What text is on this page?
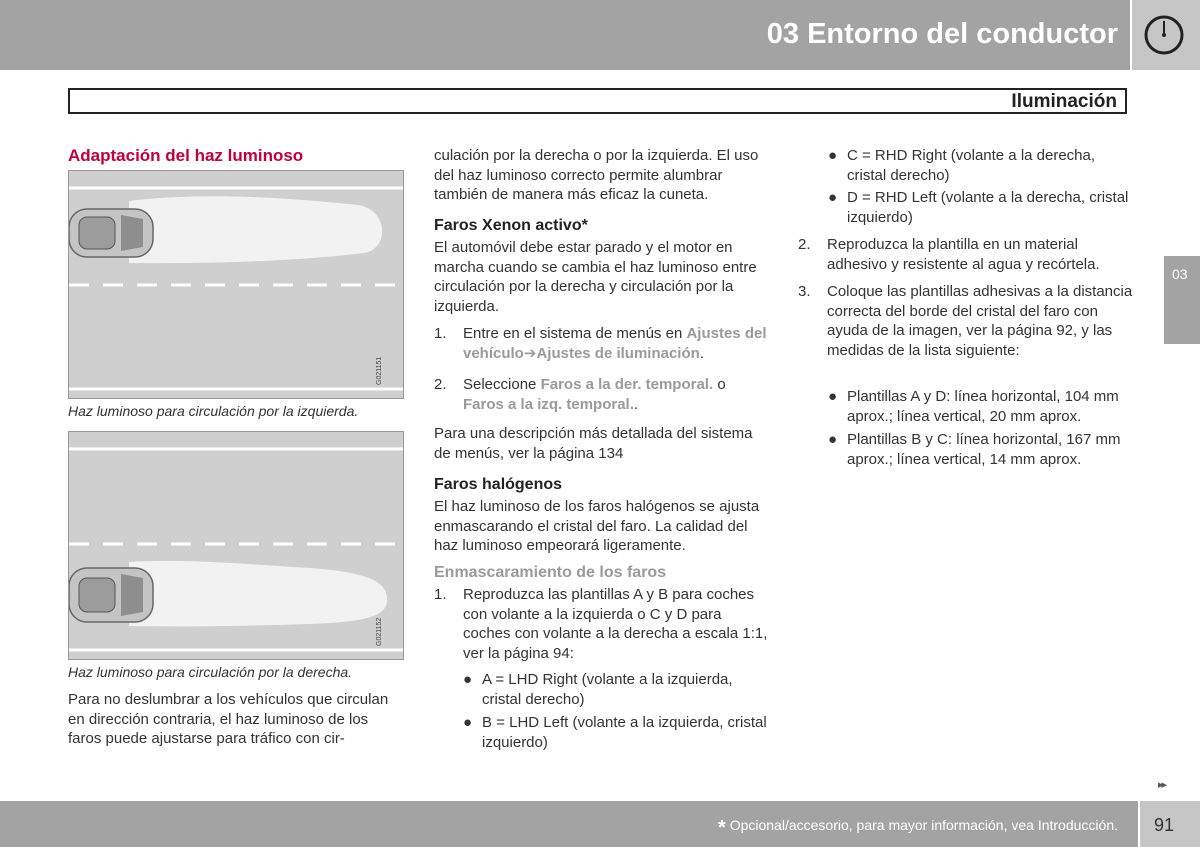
03 Entorno del conductor
Iluminación
03
Adaptación del haz luminoso
G021151
Haz luminoso para circulación por la izquierda.
G021152
Haz luminoso para circulación por la derecha.

Para no deslumbrar a los vehículos que circulan en dirección contraria, el haz luminoso de los faros puede ajustarse para tráfico con cir-

culación por la derecha o por la izquierda. El uso del haz luminoso correcto permite alumbrar también de manera más eficaz la cuneta.

Faros Xenon activo*

El automóvil debe estar parado y el motor en marcha cuando se cambia el haz luminoso entre circulación por la derecha y circulación por la izquierda.

1. Entre en el sistema de menús en Ajustes del vehículo➔Ajustes de iluminación.
2. Seleccione Faros a la der. temporal. o Faros a la izq. temporal..

Para una descripción más detallada del sistema de menús, ver la página 134

Faros halógenos

El haz luminoso de los faros halógenos se ajusta enmascarando el cristal del faro. La calidad del haz luminoso empeorará ligeramente.

Enmascaramiento de los faros
1. Reproduzca las plantillas A y B para coches con volante a la izquierda o C y D para coches con volante a la derecha a escala 1:1, ver la página 94:
● A = LHD Right (volante a la izquierda, cristal derecho)
● B = LHD Left (volante a la izquierda, cristal izquierdo)
● C = RHD Right (volante a la derecha, cristal derecho)
● D = RHD Left (volante a la derecha, cristal izquierdo)
2. Reproduzca la plantilla en un material adhesivo y resistente al agua y recórtela.
3. Coloque las plantillas adhesivas a la distancia correcta del borde del cristal del faro con ayuda de la imagen, ver la página 92, y las medidas de la lista siguiente:
● Plantillas A y D: línea horizontal, 104 mm aprox.; línea vertical, 20 mm aprox.
● Plantillas B y C: línea horizontal, 167 mm aprox.; línea vertical, 14 mm aprox.
▸▸
* Opcional/accesorio, para mayor información, vea Introducción. 91
